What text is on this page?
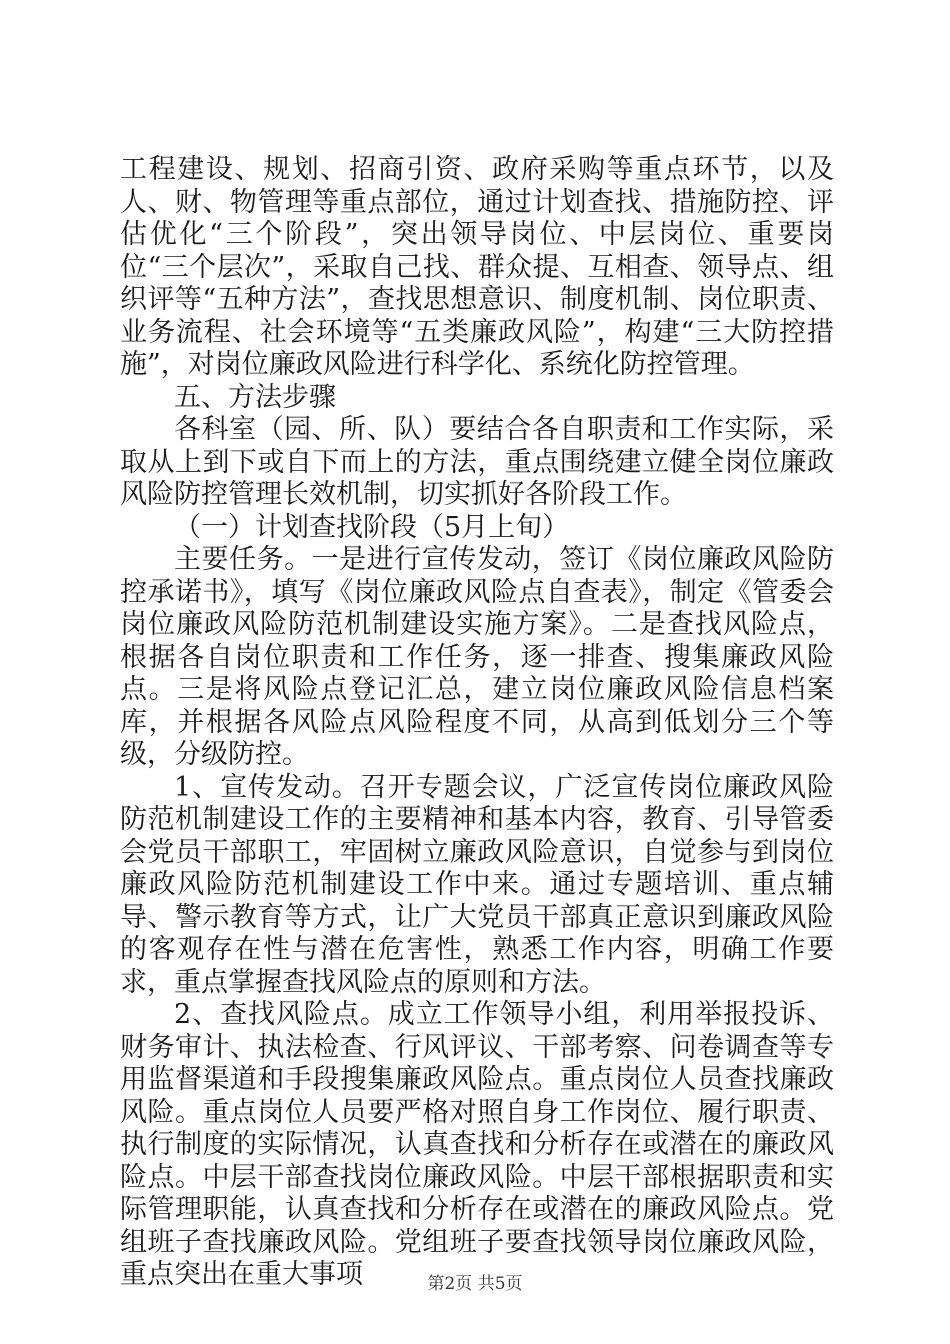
工程建设、规划、招商引资、政府采购等重点环节，以及人、财、物管理等重点部位，通过计划查找、措施防控、评估优化“三个阶段”，突出领导岗位、中层岗位、重要岗位“三个层次”，采取自己找、群众提、互相查、领导点、组织评等“五种方法”，查找思想意识、制度机制、岗位职责、业务流程、社会环境等“五类廉政风险”，构建“三大防控措施”，对岗位廉政风险进行科学化、系统化防控管理。

五、方法步骤

各科室（园、所、队）要结合各自职责和工作实际，采取从上到下或自下而上的方法，重点围绕建立健全岗位廉政风险防控管理长效机制，切实抓好各阶段工作。

（一）计划查找阶段（5月上旬）

主要任务。一是进行宣传发动，签订《岗位廉政风险防控承诺书》，填写《岗位廉政风险点自查表》，制定《管委会岗位廉政风险防范机制建设实施方案》。二是查找风险点，根据各自岗位职责和工作任务，逐一排查、搜集廉政风险点。三是将风险点登记汇总，建立岗位廉政风险信息档案库，并根据各风险点风险程度不同，从高到低划分三个等级，分级防控。

1、宣传发动。召开专题会议，广泛宣传岗位廉政风险防范机制建设工作的主要精神和基本内容，教育、引导管委会党员干部职工，牢固树立廉政风险意识，自觉参与到岗位廉政风险防范机制建设工作中来。通过专题培训、重点辅导、警示教育等方式，让广大党员干部真正意识到廉政风险的客观存在性与潜在危害性，熟悉工作内容，明确工作要求，重点掌握查找风险点的原则和方法。

2、查找风险点。成立工作领导小组，利用举报投诉、财务审计、执法检查、行风评议、干部考察、问卷调查等专用监督渠道和手段搜集廉政风险点。重点岗位人员查找廉政风险。重点岗位人员要严格对照自身工作岗位、履行职责、执行制度的实际情况，认真查找和分析存在或潜在的廉政风险点。中层干部查找岗位廉政风险。中层干部根据职责和实际管理职能，认真查找和分析存在或潜在的廉政风险点。党组班子查找廉政风险。党组班子要查找领导岗位廉政风险，重点突出在重大事项	第2页 共5页
